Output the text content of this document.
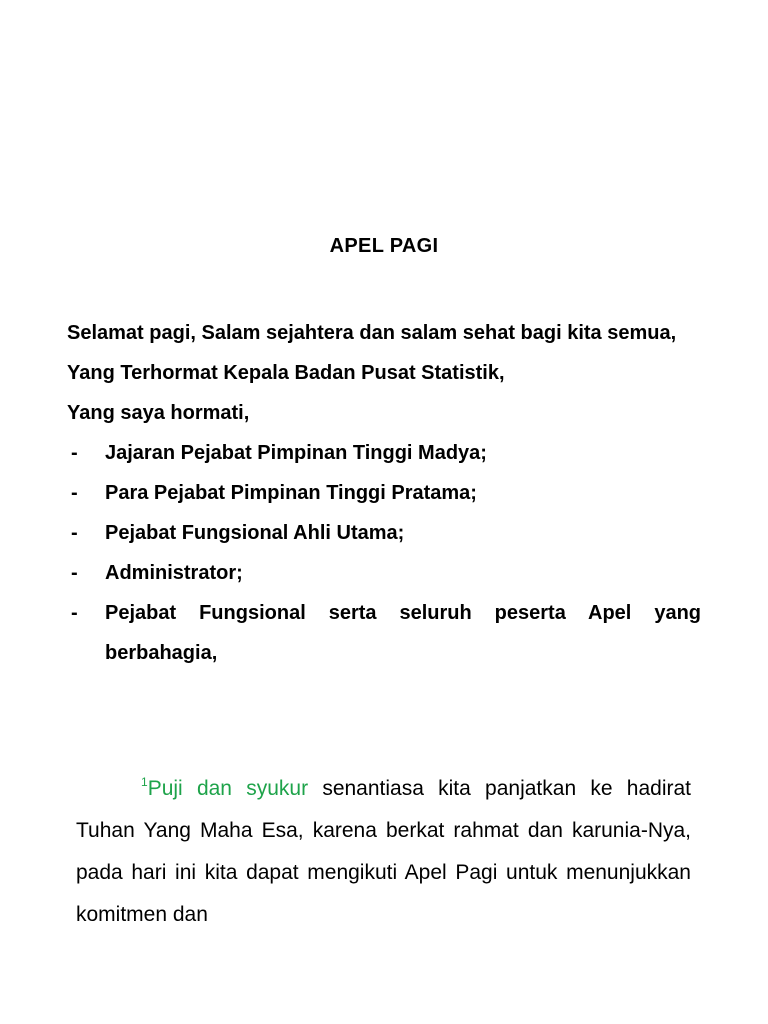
APEL PAGI

Selamat pagi, Salam sejahtera dan salam sehat bagi kita semua,

Yang Terhormat Kepala Badan Pusat Statistik,

Yang saya hormati,

- Jajaran Pejabat Pimpinan Tinggi Madya;
- Para Pejabat Pimpinan Tinggi Pratama;
- Pejabat Fungsional Ahli Utama;
- Administrator;
- Pejabat Fungsional serta seluruh peserta Apel yang berbahagia,

$^1$Puji dan syukur senantiasa kita panjatkan ke hadirat Tuhan Yang Maha Esa, karena berkat rahmat dan karunia-Nya, pada hari ini kita dapat mengikuti Apel Pagi untuk menunjukkan komitmen dan
